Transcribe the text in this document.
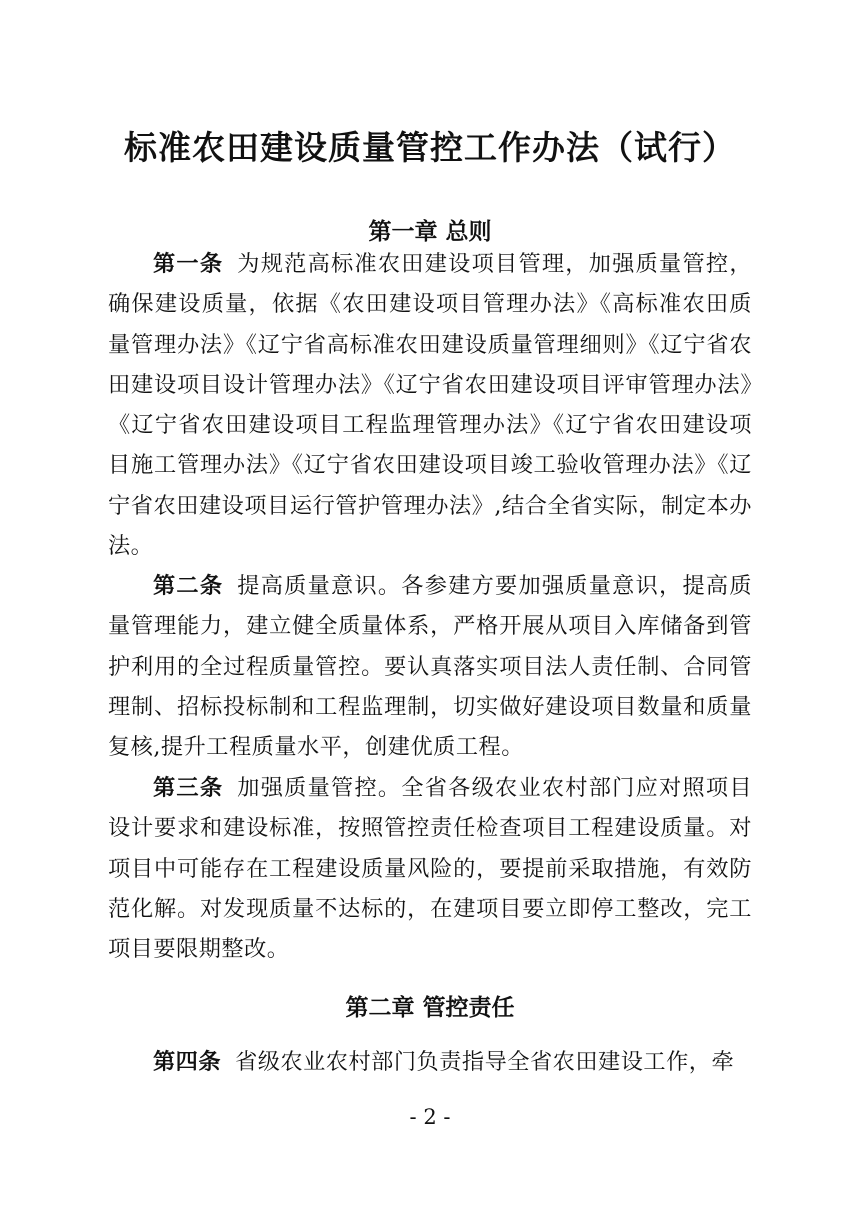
标准农田建设质量管控工作办法（试行）
第一章 总则

第一条 为规范高标准农田建设项目管理，加强质量管控，确保建设质量，依据《农田建设项目管理办法》《高标准农田质量管理办法》《辽宁省高标准农田建设质量管理细则》《辽宁省农田建设项目设计管理办法》《辽宁省农田建设项目评审管理办法》《辽宁省农田建设项目工程监理管理办法》《辽宁省农田建设项目施工管理办法》《辽宁省农田建设项目竣工验收管理办法》《辽宁省农田建设项目运行管护管理办法》,结合全省实际，制定本办法。

第二条 提高质量意识。各参建方要加强质量意识，提高质量管理能力，建立健全质量体系，严格开展从项目入库储备到管护利用的全过程质量管控。要认真落实项目法人责任制、合同管理制、招标投标制和工程监理制，切实做好建设项目数量和质量复核,提升工程质量水平，创建优质工程。

第三条 加强质量管控。全省各级农业农村部门应对照项目设计要求和建设标准，按照管控责任检查项目工程建设质量。对项目中可能存在工程建设质量风险的，要提前采取措施，有效防范化解。对发现质量不达标的，在建项目要立即停工整改，完工项目要限期整改。

第二章 管控责任

第四条 省级农业农村部门负责指导全省农田建设工作，牵

- 2 -
